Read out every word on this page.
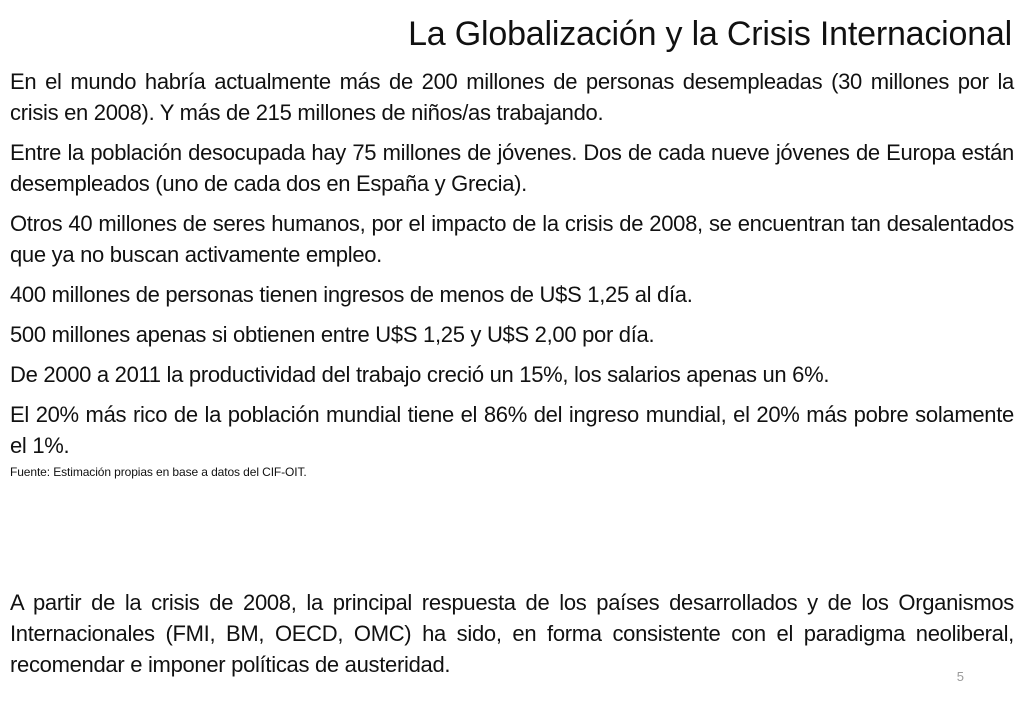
La Globalización y la Crisis Internacional

En el mundo habría actualmente más de 200 millones de personas desempleadas (30 millones por la crisis en 2008). Y más de 215 millones de niños/as trabajando.

Entre la población desocupada hay 75 millones de jóvenes. Dos de cada nueve jóvenes de Europa están desempleados (uno de cada dos en España y Grecia).

Otros 40 millones de seres humanos, por el impacto de la crisis de 2008, se encuentran tan desalentados que ya no buscan activamente empleo.

400 millones de personas tienen ingresos de menos de U$S 1,25 al día.

500 millones apenas si obtienen entre U$S 1,25 y U$S 2,00 por día.

De 2000 a 2011 la productividad del trabajo creció un 15%, los salarios apenas un 6%.

El 20% más rico de la población mundial tiene el 86% del ingreso mundial, el 20% más pobre solamente el 1%.

Fuente: Estimación propias en base a datos del CIF-OIT.

A partir de la crisis de 2008, la principal respuesta de los países desarrollados y de los Organismos Internacionales (FMI, BM, OECD, OMC) ha sido, en forma consistente con el paradigma neoliberal, recomendar e imponer políticas de austeridad.	5
